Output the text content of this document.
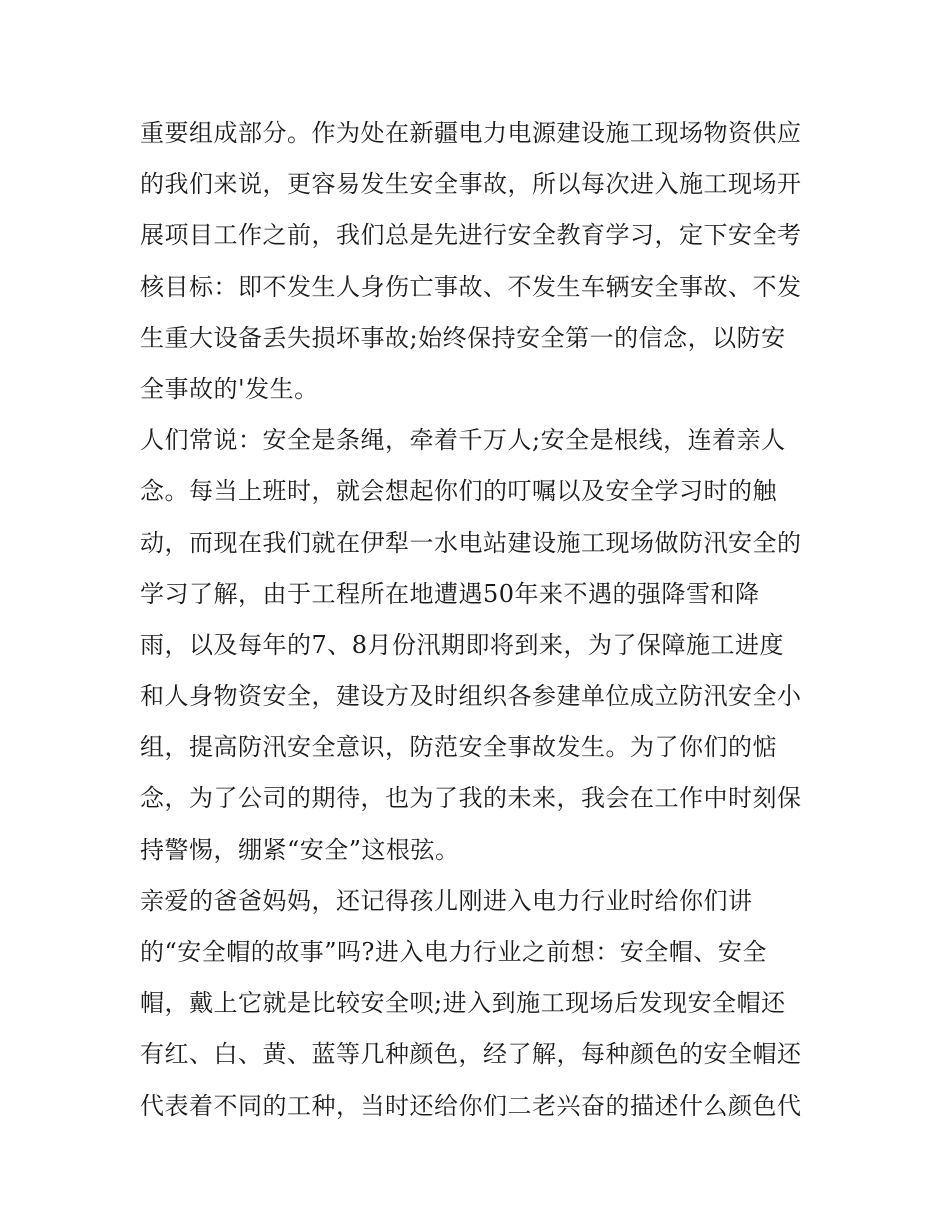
重要组成部分。作为处在新疆电力电源建设施工现场物资供应
的我们来说，更容易发生安全事故，所以每次进入施工现场开
展项目工作之前，我们总是先进行安全教育学习，定下安全考
核目标：即不发生人身伤亡事故、不发生车辆安全事故、不发
生重大设备丢失损坏事故;始终保持安全第一的信念，以防安
全事故的'发生。
人们常说：安全是条绳，牵着千万人;安全是根线，连着亲人
念。每当上班时，就会想起你们的叮嘱以及安全学习时的触
动，而现在我们就在伊犁一水电站建设施工现场做防汛安全的
学习了解，由于工程所在地遭遇50年来不遇的强降雪和降
雨，以及每年的7、8月份汛期即将到来，为了保障施工进度
和人身物资安全，建设方及时组织各参建单位成立防汛安全小
组，提高防汛安全意识，防范安全事故发生。为了你们的惦
念，为了公司的期待，也为了我的未来，我会在工作中时刻保
持警惕，绷紧“安全”这根弦。
亲爱的爸爸妈妈，还记得孩儿刚进入电力行业时给你们讲
的“安全帽的故事”吗?进入电力行业之前想：安全帽、安全
帽，戴上它就是比较安全呗;进入到施工现场后发现安全帽还
有红、白、黄、蓝等几种颜色，经了解，每种颜色的安全帽还
代表着不同的工种，当时还给你们二老兴奋的描述什么颜色代
